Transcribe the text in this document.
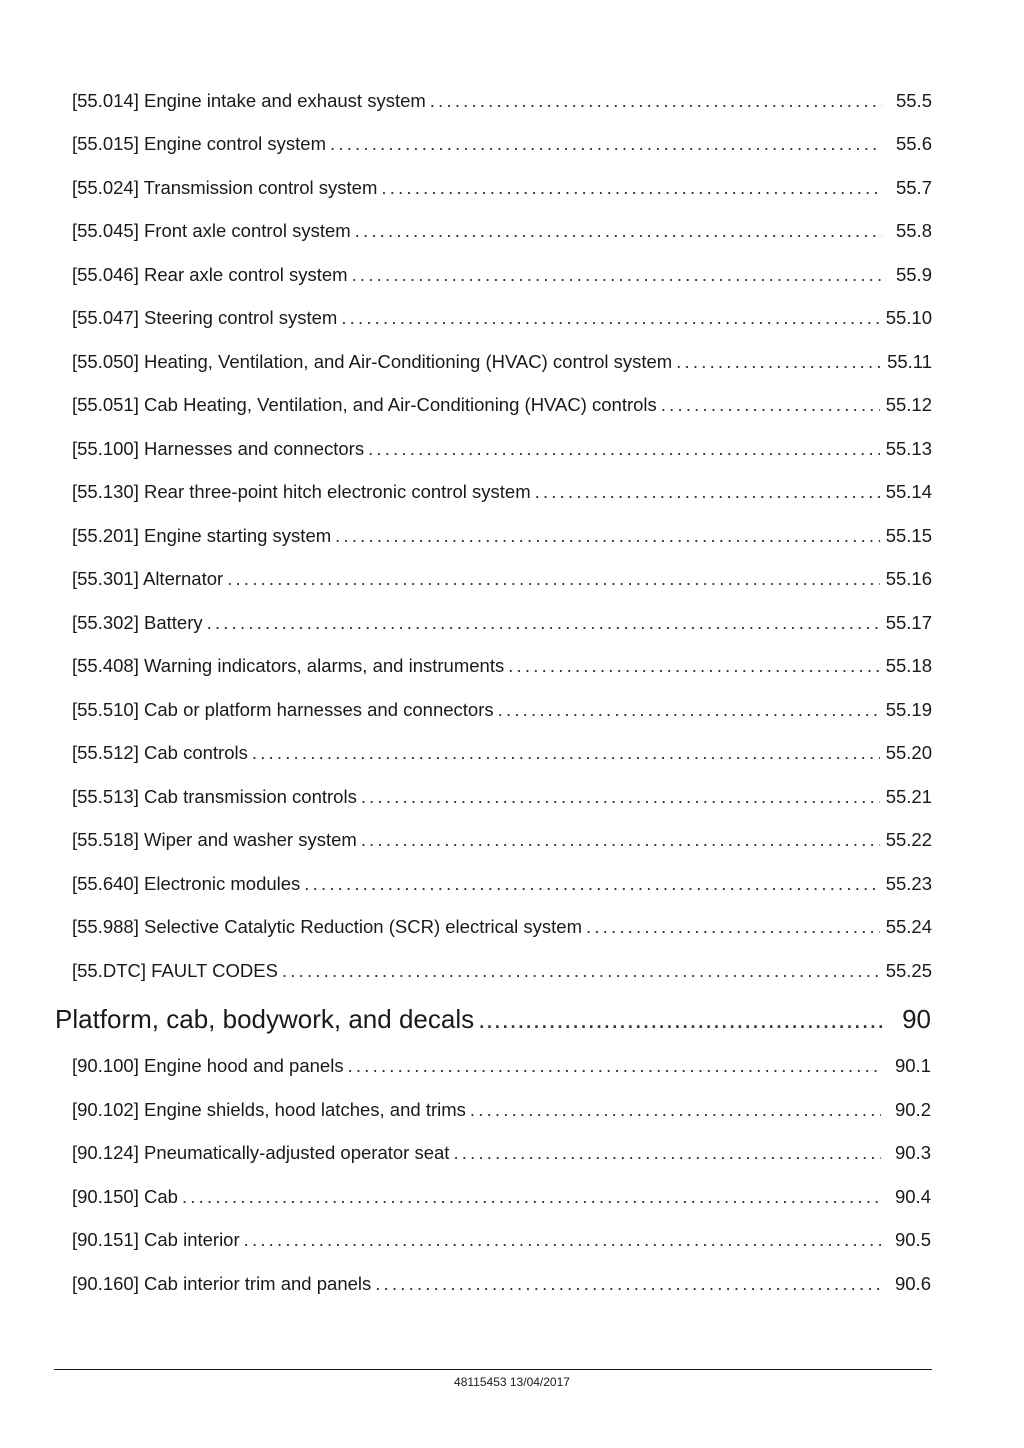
[55.014] Engine intake and exhaust system .....	55.5
[55.015] Engine control system .....	55.6
[55.024] Transmission control system .....	55.7
[55.045] Front axle control system .....	55.8
[55.046] Rear axle control system .....	55.9
[55.047] Steering control system .....	55.10
[55.050] Heating, Ventilation, and Air-Conditioning (HVAC) control system .....	55.11
[55.051] Cab Heating, Ventilation, and Air-Conditioning (HVAC) controls .....	55.12
[55.100] Harnesses and connectors .....	55.13
[55.130] Rear three-point hitch electronic control system .....	55.14
[55.201] Engine starting system .....	55.15
[55.301] Alternator .....	55.16
[55.302] Battery .....	55.17
[55.408] Warning indicators, alarms, and instruments .....	55.18
[55.510] Cab or platform harnesses and connectors .....	55.19
[55.512] Cab controls .....	55.20
[55.513] Cab transmission controls .....	55.21
[55.518] Wiper and washer system .....	55.22
[55.640] Electronic modules .....	55.23
[55.988] Selective Catalytic Reduction (SCR) electrical system .....	55.24
[55.DTC] FAULT CODES .....	55.25
Platform, cab, bodywork, and decals .....	90
[90.100] Engine hood and panels .....	90.1
[90.102] Engine shields, hood latches, and trims .....	90.2
[90.124] Pneumatically-adjusted operator seat .....	90.3
[90.150] Cab .....	90.4
[90.151] Cab interior .....	90.5
[90.160] Cab interior trim and panels .....	90.6
48115453 13/04/2017
